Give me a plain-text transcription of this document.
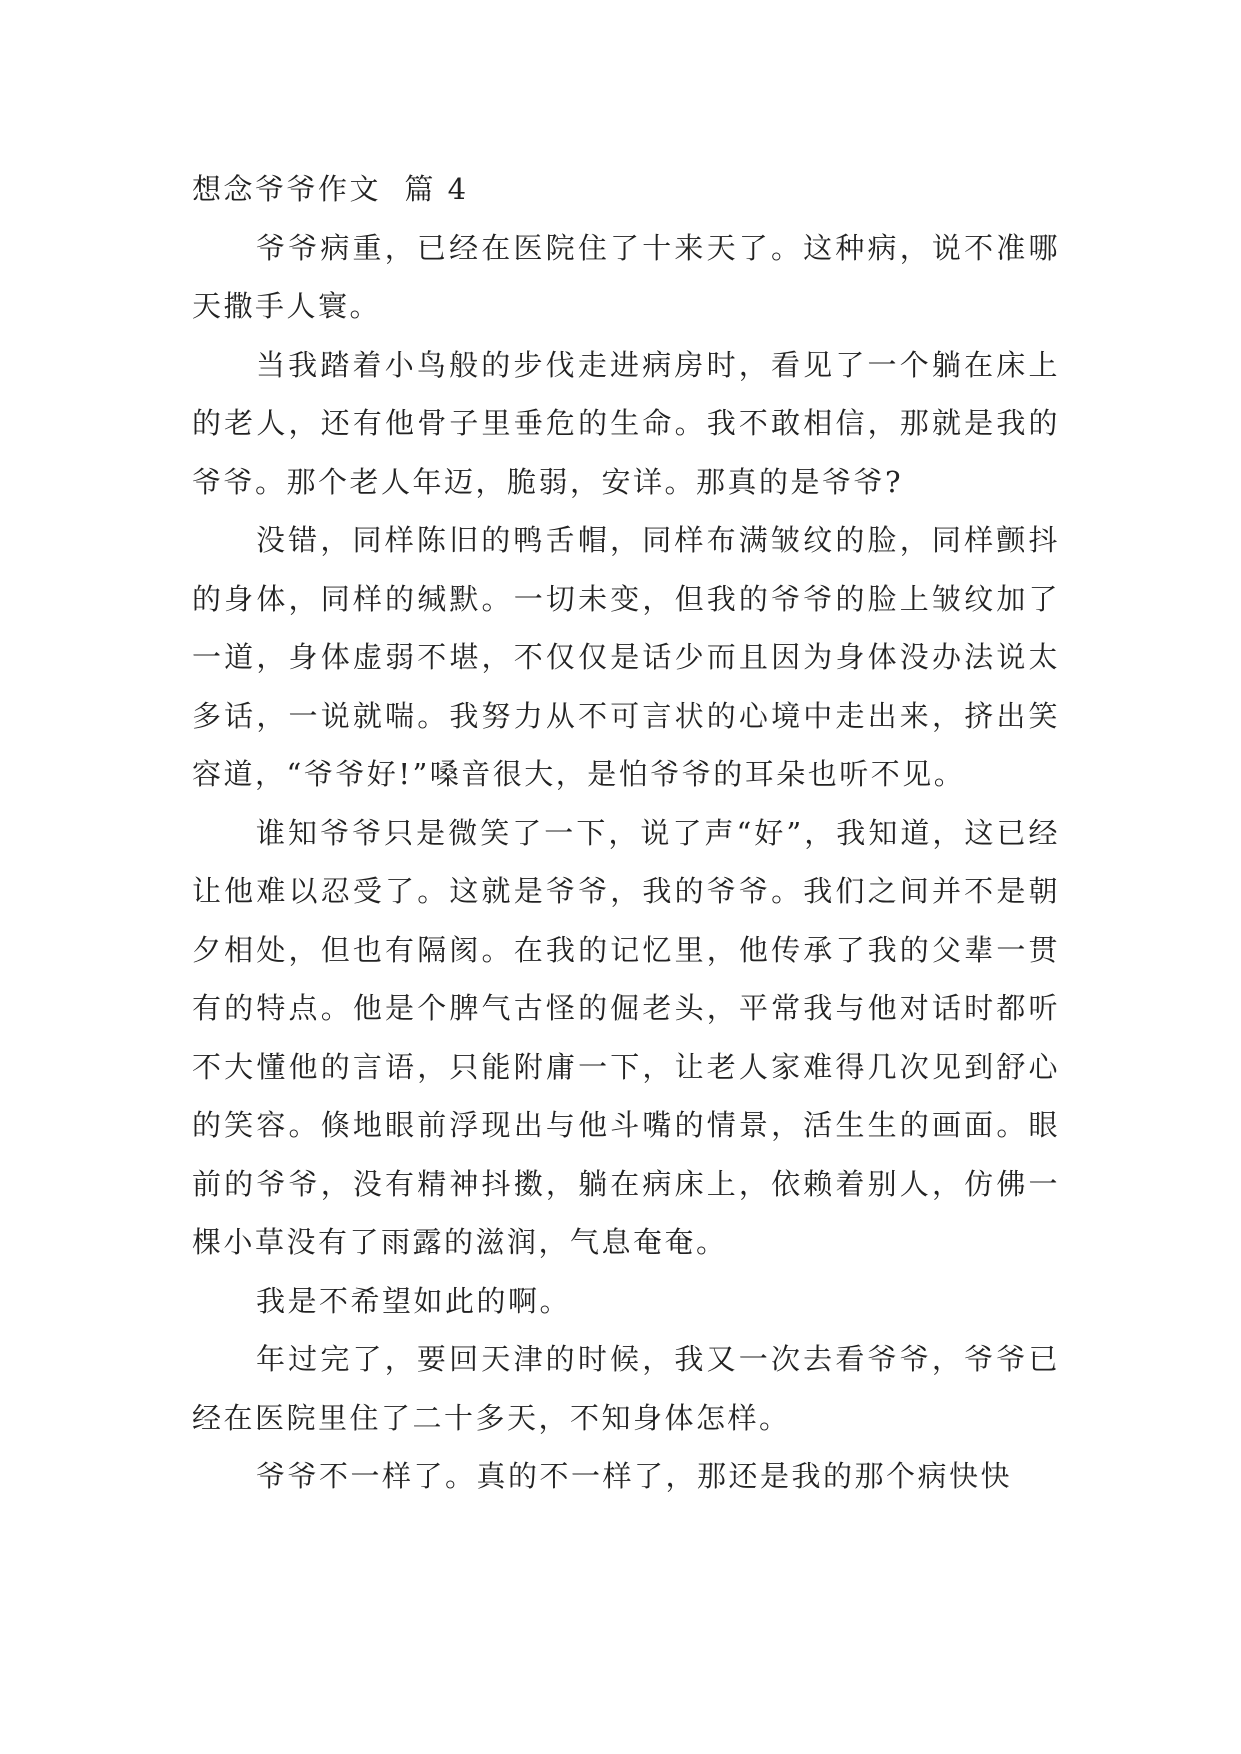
想念爷爷作文  篇 4

爷爷病重，已经在医院住了十来天了。这种病，说不准哪天撒手人寰。

当我踏着小鸟般的步伐走进病房时，看见了一个躺在床上的老人，还有他骨子里垂危的生命。我不敢相信，那就是我的爷爷。那个老人年迈，脆弱，安详。那真的是爷爷?

没错，同样陈旧的鸭舌帽，同样布满皱纹的脸，同样颤抖的身体，同样的缄默。一切未变，但我的爷爷的脸上皱纹加了一道，身体虚弱不堪，不仅仅是话少而且因为身体没办法说太多话，一说就喘。我努力从不可言状的心境中走出来，挤出笑容道，“爷爷好!”嗓音很大，是怕爷爷的耳朵也听不见。

谁知爷爷只是微笑了一下，说了声“好”，我知道，这已经让他难以忍受了。这就是爷爷，我的爷爷。我们之间并不是朝夕相处，但也有隔阂。在我的记忆里，他传承了我的父辈一贯有的特点。他是个脾气古怪的倔老头，平常我与他对话时都听不大懂他的言语，只能附庸一下，让老人家难得几次见到舒心的笑容。倏地眼前浮现出与他斗嘴的情景，活生生的画面。眼前的爷爷，没有精神抖擞，躺在病床上，依赖着别人，仿佛一棵小草没有了雨露的滋润，气息奄奄。

我是不希望如此的啊。

年过完了，要回天津的时候，我又一次去看爷爷，爷爷已经在医院里住了二十多天，不知身体怎样。

爷爷不一样了。真的不一样了，那还是我的那个病快快
